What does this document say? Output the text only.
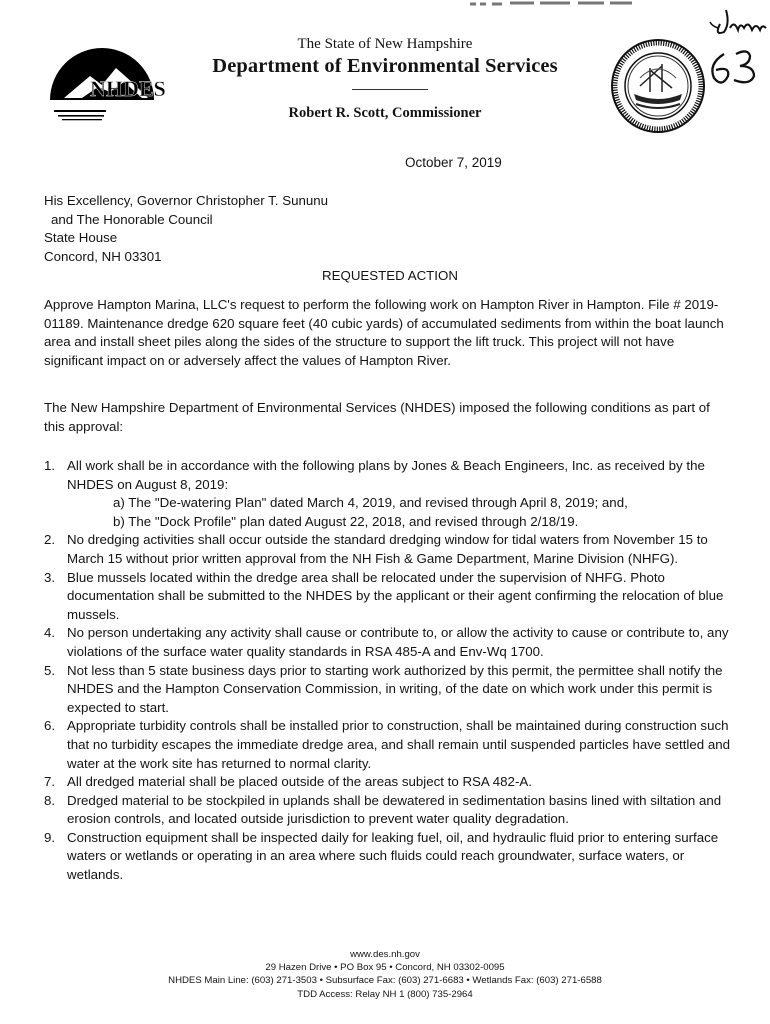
NHDES
The State of New Hampshire
Department of Environmental Services
Robert R. Scott, Commissioner
October 7, 2019
His Excellency, Governor Christopher T. Sununu
and The Honorable Council
State House
Concord, NH 03301
REQUESTED ACTION
Approve Hampton Marina, LLC's request to perform the following work on Hampton River in Hampton. File # 2019-01189. Maintenance dredge 620 square feet (40 cubic yards) of accumulated sediments from within the boat launch area and install sheet piles along the sides of the structure to support the lift truck. This project will not have significant impact on or adversely affect the values of Hampton River.
The New Hampshire Department of Environmental Services (NHDES) imposed the following conditions as part of this approval:
1. All work shall be in accordance with the following plans by Jones & Beach Engineers, Inc. as received by the NHDES on August 8, 2019:
a) The "De-watering Plan" dated March 4, 2019, and revised through April 8, 2019; and,
b) The "Dock Profile" plan dated August 22, 2018, and revised through 2/18/19.
2. No dredging activities shall occur outside the standard dredging window for tidal waters from November 15 to March 15 without prior written approval from the NH Fish & Game Department, Marine Division (NHFG).
3. Blue mussels located within the dredge area shall be relocated under the supervision of NHFG. Photo documentation shall be submitted to the NHDES by the applicant or their agent confirming the relocation of blue mussels.
4. No person undertaking any activity shall cause or contribute to, or allow the activity to cause or contribute to, any violations of the surface water quality standards in RSA 485-A and Env-Wq 1700.
5. Not less than 5 state business days prior to starting work authorized by this permit, the permittee shall notify the NHDES and the Hampton Conservation Commission, in writing, of the date on which work under this permit is expected to start.
6. Appropriate turbidity controls shall be installed prior to construction, shall be maintained during construction such that no turbidity escapes the immediate dredge area, and shall remain until suspended particles have settled and water at the work site has returned to normal clarity.
7. All dredged material shall be placed outside of the areas subject to RSA 482-A.
8. Dredged material to be stockpiled in uplands shall be dewatered in sedimentation basins lined with siltation and erosion controls, and located outside jurisdiction to prevent water quality degradation.
9. Construction equipment shall be inspected daily for leaking fuel, oil, and hydraulic fluid prior to entering surface waters or wetlands or operating in an area where such fluids could reach groundwater, surface waters, or wetlands.
www.des.nh.gov
29 Hazen Drive • PO Box 95 • Concord, NH 03302-0095
NHDES Main Line: (603) 271-3503 • Subsurface Fax: (603) 271-6683 • Wetlands Fax: (603) 271-6588
TDD Access: Relay NH 1 (800) 735-2964
